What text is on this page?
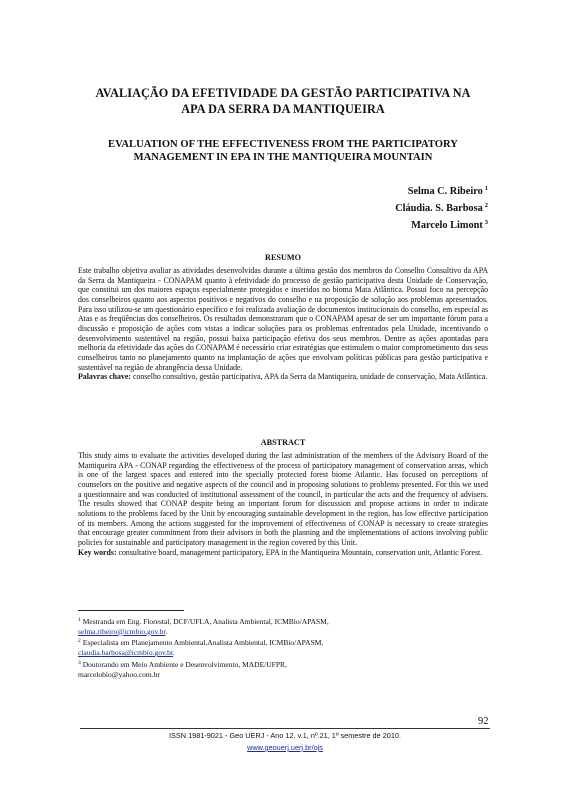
AVALIAÇÃO DA EFETIVIDADE DA GESTÃO PARTICIPATIVA NA
APA DA SERRA DA MANTIQUEIRA
EVALUATION OF THE EFFECTIVENESS FROM THE PARTICIPATORY
MANAGEMENT IN EPA IN THE MANTIQUEIRA MOUNTAIN
Selma C. Ribeiro $^1$
Cláudia. S. Barbosa $^2$
Marcelo Limont $^3$
RESUMO

Este trabalho objetiva avaliar as atividades desenvolvidas durante a última gestão dos membros do Conselho Consultivo da APA da Serra da Mantiqueira - CONAPAM quanto à efetividade do processo de gestão participativa desta Unidade de Conservação, que constitui um dos maiores espaços especialmente protegidos e inseridos no bioma Mata Atlântica. Possui foco na percepção dos conselheiros quanto aos aspectos positivos e negativos do conselho e na proposição de solução aos problemas apresentados. Para isso utilizou-se um questionário específico e foi realizada avaliação de documentos institucionais do conselho, em especial as Atas e as freqüências dos conselheiros. Os resultados demonstraram que o CONAPAM apesar de ser um importante fórum para a discussão e proposição de ações com vistas a indicar soluções para os problemas enfrentados pela Unidade, incentivando o desenvolvimento sustentável na região, possui baixa participação efetiva dos seus membros. Dentre as ações apontadas para melhoria da efetividade das ações do CONAPAM é necessário criar estratégias que estimulem o maior comprometimento dos seus conselheiros tanto no planejamento quanto na implantação de ações que envolvam políticas públicas para gestão participativa e sustentável na região de abrangência dessa Unidade.

Palavras chave: conselho consultivo, gestão participativa, APA da Serra da Mantiqueira, unidade de conservação, Mata Atlântica.

ABSTRACT

This study aims to evaluate the activities developed during the last administration of the members of the Advisory Board of the Mantiqueira APA - CONAP regarding the effectiveness of the process of participatory management of conservation areas, which is one of the largest spaces and entered into the specially protected forest biome Atlantic. Has focused on perceptions of counselors on the positive and negative aspects of the council and in proposing solutions to problems presented. For this we used a questionnaire and was conducted of institutional assessment of the council, in particular the acts and the frequency of advisers. The results showed that CONAP despite being an important forum for discussion and propose actions in order to indicate solutions to the problems faced by the Unit by encouraging sustainable development in the region, has low effective participation of its members. Among the actions suggested for the improvement of effectiveness of CONAP is necessary to create strategies that encourage greater commitment from their advisors in both the planning and the implementations of actions involving public policies for sustainable and participatory management in the region covered by this Unit.

Key words: consultative board, management participatory, EPA in the Mantiqueira Mountain, conservation unit, Atlantic Forest.

$^1$ Mestranda em Eng. Florestal, DCF/UFLA, Analista Ambiental, ICMBio/APASM,
selma.ribeiro@icmbio.gov.br.
$^2$ Especialista em Planejamento Ambiental,Analista Ambiental, ICMBio/APASM,
claudia.barbosa@icmbio.gov.br.
$^3$ Doutorando em Meio Ambiente e Desenvolvimento, MADE/UFPR,
marcelobio@yahoo.com.br
92
ISSN 1981-9021 - Geo UERJ - Ano 12, v.1, nº.21, 1º semestre de 2010.
www.geouerj.uerj.br/ojs
